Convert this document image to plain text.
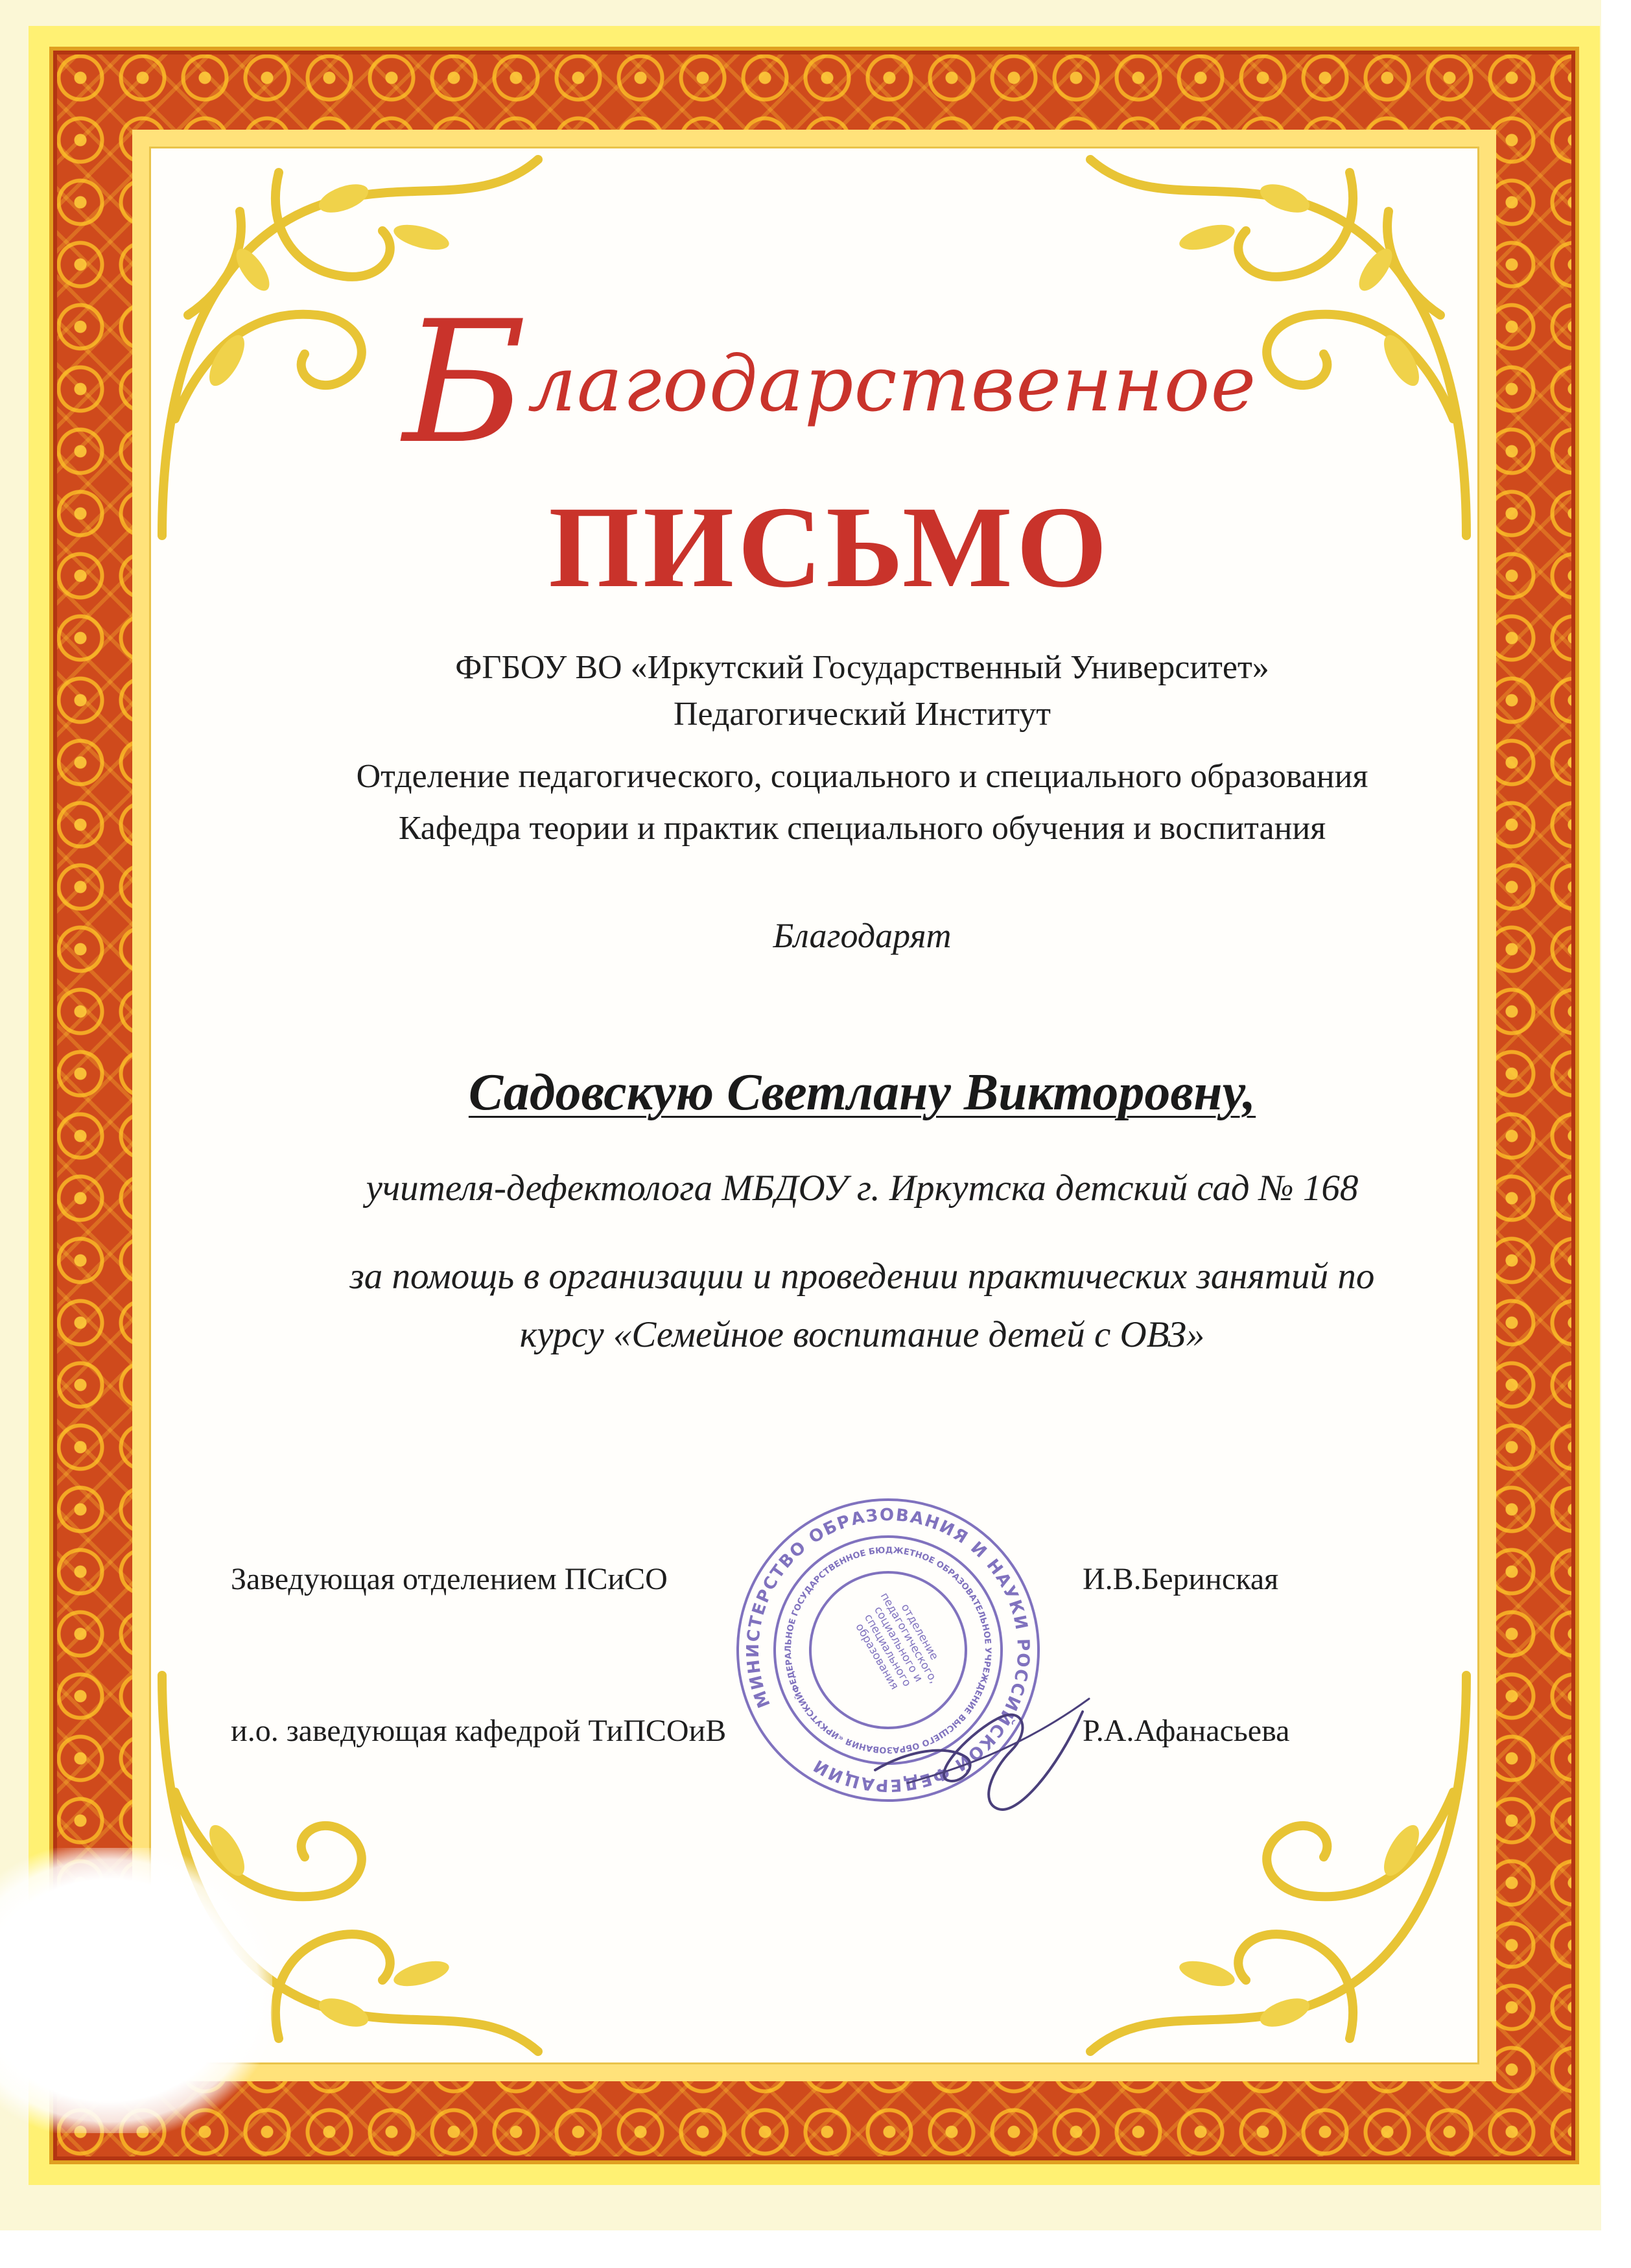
Благодарственное
ПИСЬМО
ФГБОУ ВО «Иркутский Государственный Университет»
Педагогический Институт
Отделение педагогического, социального и специального образования
Кафедра теории и практик специального обучения и воспитания
Благодарят
Садовскую Светлану Викторовну,
учителя-дефектолога МБДОУ г. Иркутска детский сад № 168
за помощь в организации и проведении практических занятий по
курсу «Семейное воспитание детей с ОВЗ»
Заведующая отделением ПСиСО	И.В.Беринская
и.о. заведующая кафедрой ТиПСОиВ	Р.А.Афанасьева
МИНИСТЕРСТВО ОБРАЗОВАНИЯ И НАУКИ РОССИЙСКОЙ ФЕДЕРАЦИИ
ФЕДЕРАЛЬНОЕ ГОСУДАРСТВЕННОЕ БЮДЖЕТНОЕ ОБРАЗОВАТЕЛЬНОЕ УЧРЕЖДЕНИЕ ВЫСШЕГО ОБРАЗОВАНИЯ «ИРКУТСКИЙ
отделение педагогического, социального и специального образования
